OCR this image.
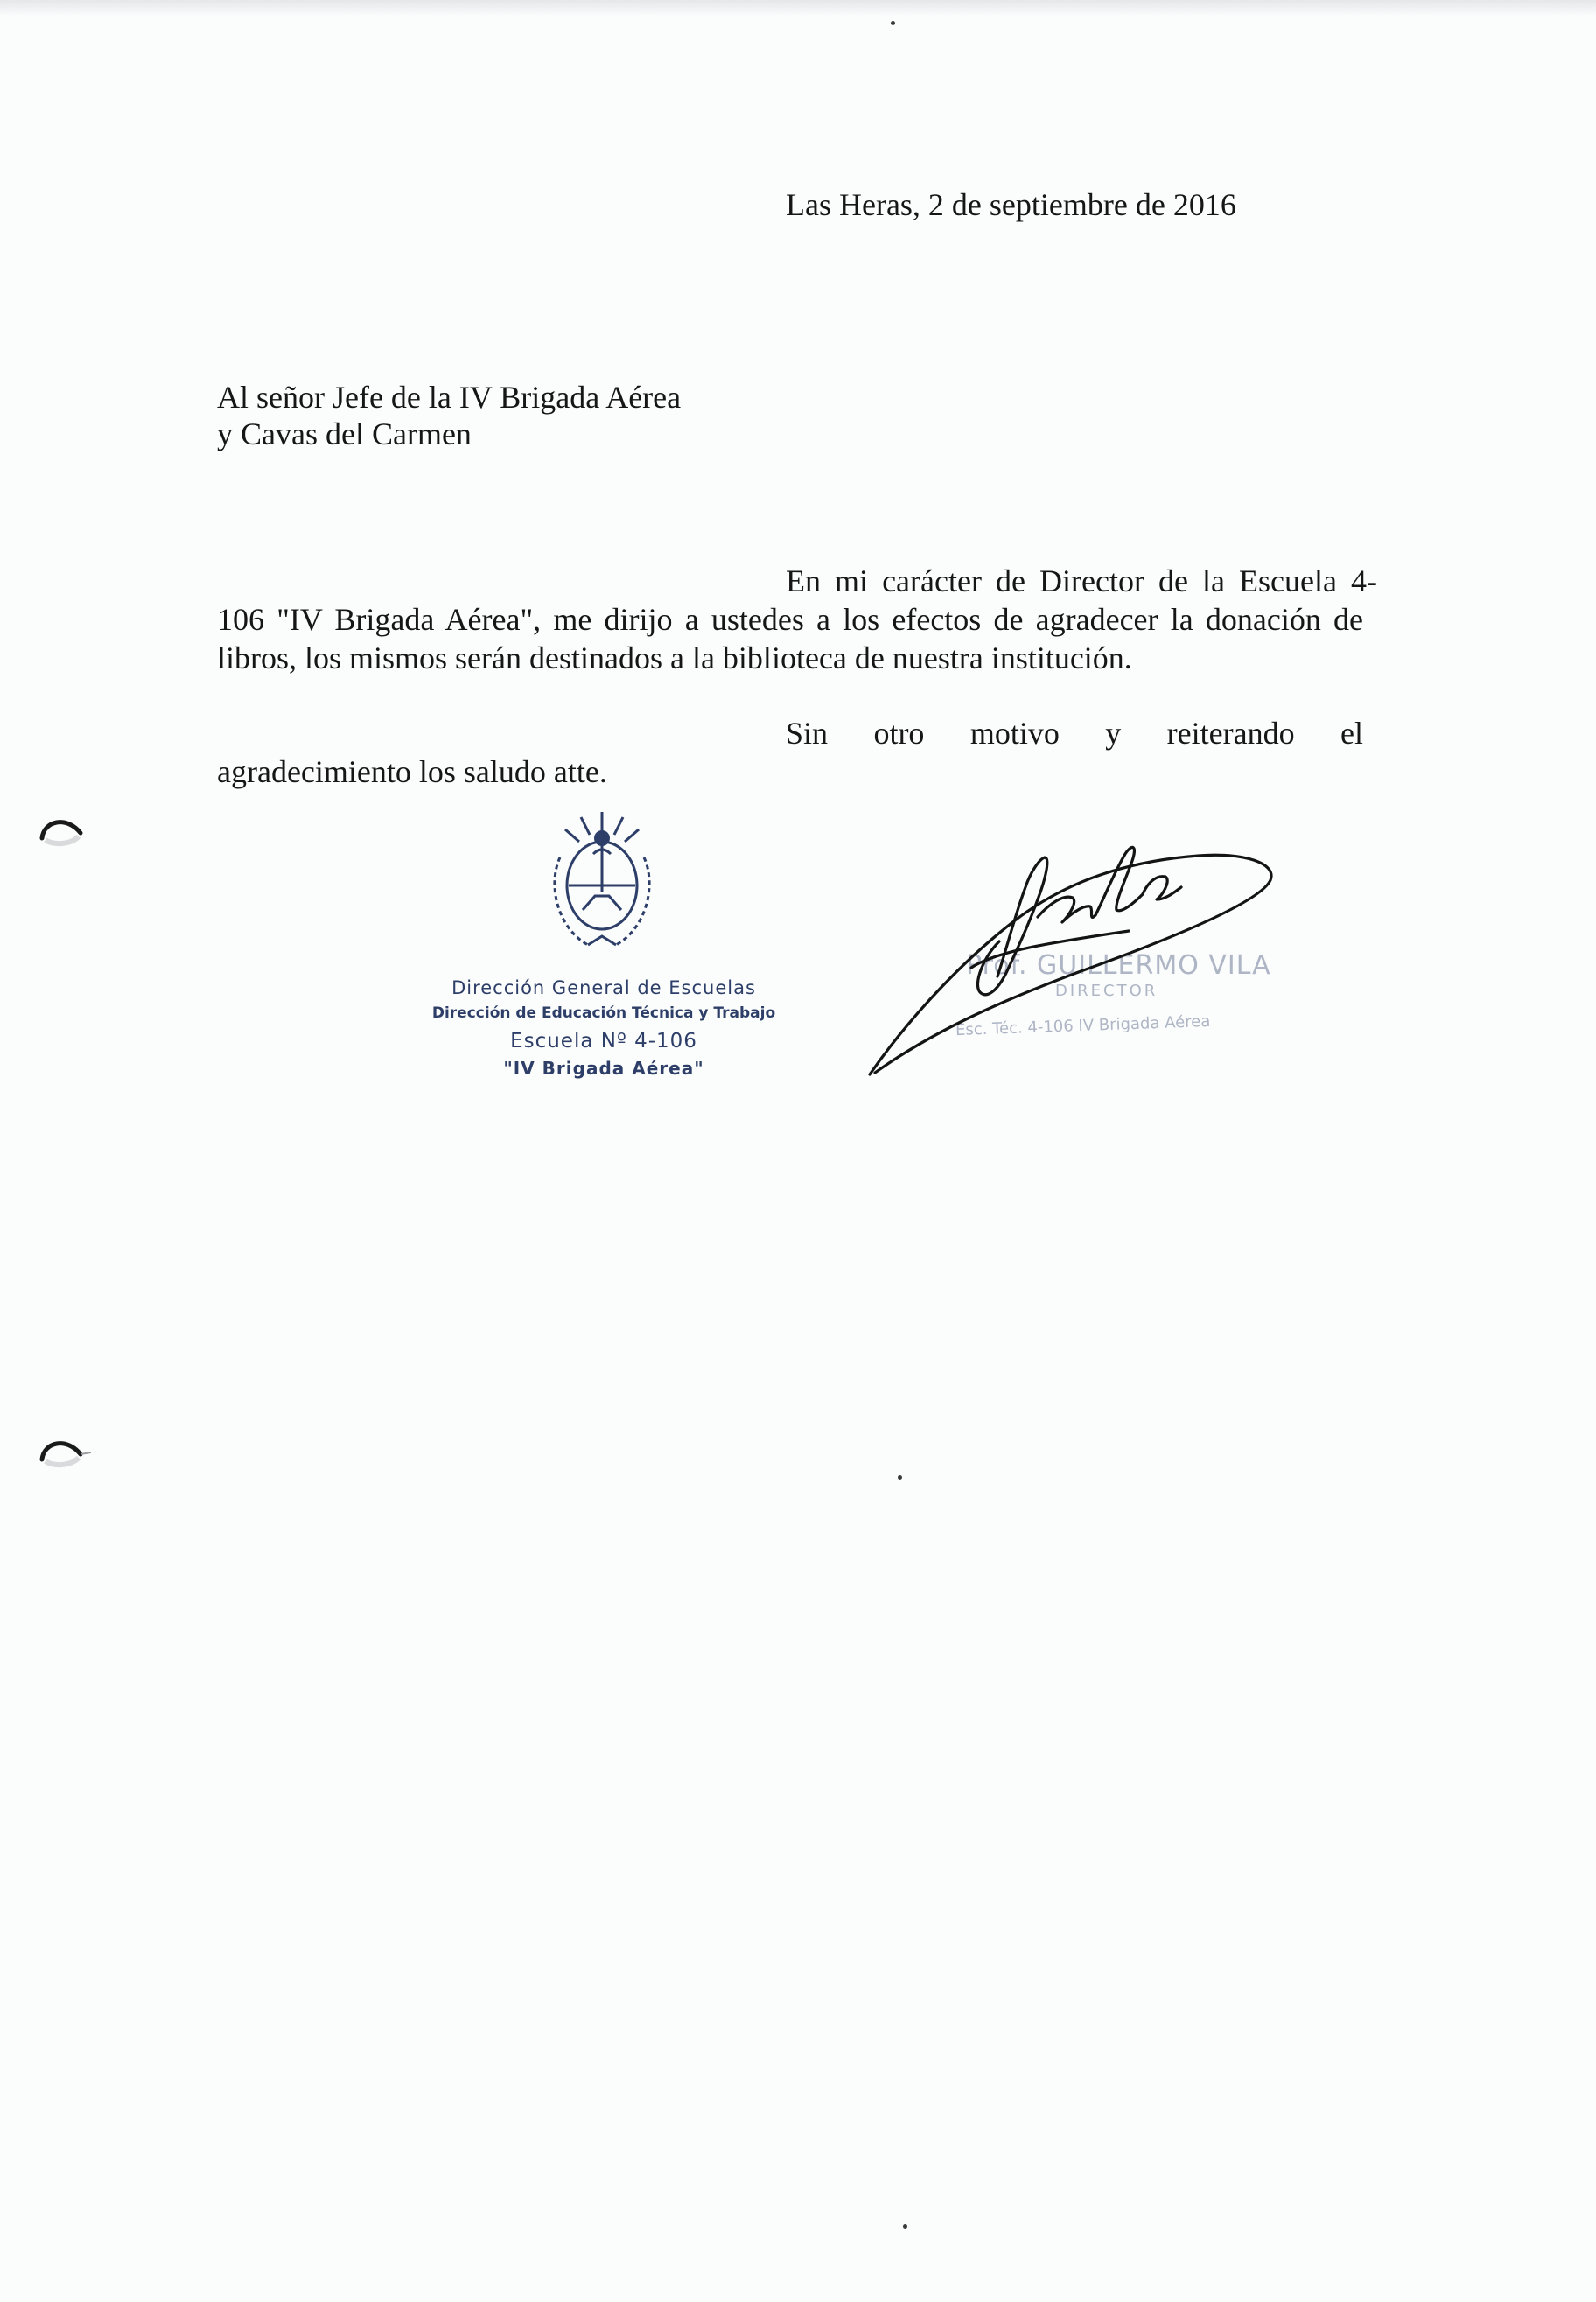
Las Heras, 2 de septiembre de 2016
Al señor Jefe de la IV Brigada Aérea
y Cavas del Carmen
En mi carácter de Director de la Escuela 4-
106 "IV Brigada Aérea", me dirijo a ustedes a los efectos de agradecer la donación de
libros, los mismos serán destinados a la biblioteca de nuestra institución.
Sin otro motivo y reiterando el
agradecimiento los saludo atte.
Dirección General de Escuelas
Dirección de Educación Técnica y Trabajo
Escuela Nº 4-106
"IV Brigada Aérea"
Prof. GUILLERMO VILA
DIRECTOR
Esc. Téc. 4-106 IV Brigada Aérea
